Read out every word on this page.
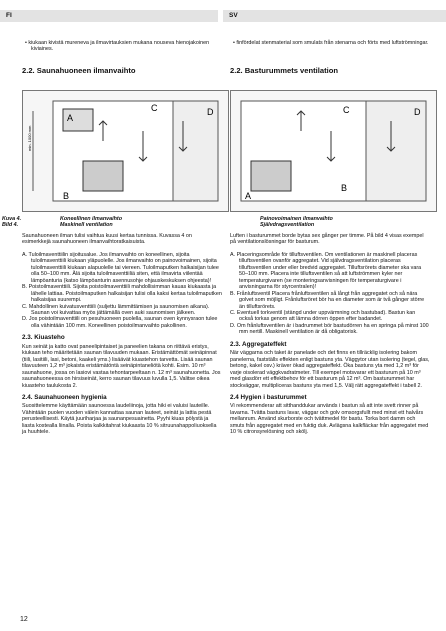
FI	SV

• kiukaan kivistä mureneva ja ilmavirtauksien mukana nouseva hienojakoinen kiviaines.

• finfördelat stenmaterial som smulats från stenarna och förts med luftströmningar.

2.2. Saunahuoneen ilmanvaihto	2.2. Basturummets ventilation
A
B
C	D
min. 1000 mm
A
B
C	D
Kuva 4.
Bild 4.
Koneellinen ilmanvaihto
Maskinell ventilation
Painovoimainen ilmanvaihto
Självdragsventilation

Saunahuoneen ilman tulisi vaihtua kuusi kertaa tunnissa. Kuvassa 4 on esimerkkejä saunahuoneen ilmanvaihtoratkaisuista.

A. Tuloilmaventtiilin sijoitusalue. Jos ilmanvaihto on koneellinen, sijoita tuloilmaventtiili kiukaan yläpuolelle. Jos ilmanvaihto on painovoimainen, sijoita tuloilmaventtiili kiukaan alapuolelle tai viereen. Tuloilmaputken halkaisijan tulee olla 50–100 mm. Älä sijoita tuloilmaventtiiliä siten, että ilmavirta viilentää lämpöanturia (katso lämpöanturin asennusohje ohjauskeskuksen ohjeesta)!
B. Poistoilmaventtiili. Sijoita poistoilmaventtiili mahdollisimman kauas kiukaasta ja lähelle lattiaa. Poistoilmaputken halkaisijan tulisi olla kaksi kertaa tuloilmaputken halkaisijaa suurempi.
C. Mahdollinen kuivatusventtiili (suljettu lämmittämisen ja saunomisen aikana). Saunan voi kuivattaa myös jättämällä oven auki saunomisen jälkeen.
D. Jos poistoilmaventtiili on pesuhuoneen puolella, saunan oven kynnysraon tulee olla vähintään 100 mm. Koneellinen poistoilmanvaihto pakollinen.
2.3. Kiuasteho

Kun seinät ja katto ovat paneelipintaiset ja paneelien takana on riittävä eristys, kiukaan teho määritetään saunan tilavuuden mukaan. Eristämättömät seinäpinnat (tiili, lasitiili, lasi, betoni, kaakeli yms.) lisäävät kiuastehon tarvetta. Lisää saunan tilavuuteen 1,2 m³ jokaista eristämätöntä seinäpintaneliötä kohti. Esim. 10 m³ saunahuone, jossa on lasiovi vastaa tehontarpeeltaan n. 12 m³ saunahuonetta. Jos saunahuoneessa on hirsiseinät, kerro saunan tilavuus luvulla 1,5. Valitse oikea kiuasteho taulukosta 2.

2.4. Saunahuoneen hygienia

Suosittelemme käyttämään saunoessa laudeliinoja, jotta hiki ei valuisi lauteille. Vähintään puolen vuoden välein kannattaa saunan lauteet, seinät ja lattia pestä perusteellisesti. Käytä juuriharjaa ja saunanpesuainetta. Pyyhi kiuas pölystä ja liasta kostealla liinalla. Poista kalkkitahrat kiukaasta 10 % sitruunahappoliuoksella ja huuhtele.

Luften i basturummet borde bytas sex gånger per timme. På bild 4 visas exempel på ventilationslösningar för basturum.

A. Placeringsområde för tilluftsventilen. Om ventilationen är maskinell placeras tilluftsventilen ovanför aggregatet. Vid självdragsventilation placeras tilluftsventilen under eller bredvid aggregatet. Tilluftsrörets diameter ska vara 50–100 mm. Placera inte tilluftsventilen så att luftströmmen kyler ner temperaturgivaren (se monteringsanvisningen för temperaturgivare i anvisningarna för styrcentralen)!
B. Frånluftsventil Placera frånluftsventilen så långt från aggregatet och så nära golvet som möjligt. Frånluftsröret bör ha en diameter som är två gånger större än tilluftsrörets.
C. Eventuell torkventil (stängd under uppvärmning och bastubad). Bastun kan också torkas genom att lämna dörren öppen efter badandet.
D. Om frånluftsventilen är i badrummet bör bastudörren ha en springa på minst 100 mm nertill. Maskinell ventilation är då obligatorisk.
2.3. Aggregateffekt

När väggarna och taket är panelade och det finns en tillräcklig isolering bakom panelerna, fastställs effekten enligt bastuns yta. Väggytor utan isolering (tegel, glas, betong, kakel osv.) kräver ökad aggregateffekt. Öka bastuns yta med 1,2 m³ för varje oisolerad väggkvadratmeter. Till exempel motsvarar ett basturum på 10 m³ med glasdörr ett effektbehov för ett basturum på 12 m³. Om basturummet har stockväggar, multipliceras bastuns yta med 1,5. Välj rätt aggregateffekt i tabell 2.

2.4 Hygien i basturummet

Vi rekommenderar att sitthanddukar används i bastun så att inte svett rinner på lavarna. Tvätta bastuns lavar, väggar och golv omsorgsfullt med minst ett halvårs mellanrum. Använd skurborste och tvättmedel för bastu. Torka bort damm och smuts från aggregatet med en fuktig duk. Avlägsna kalkfläckar från aggregatet med 10 % citronsyrelösning och skölj.

12
